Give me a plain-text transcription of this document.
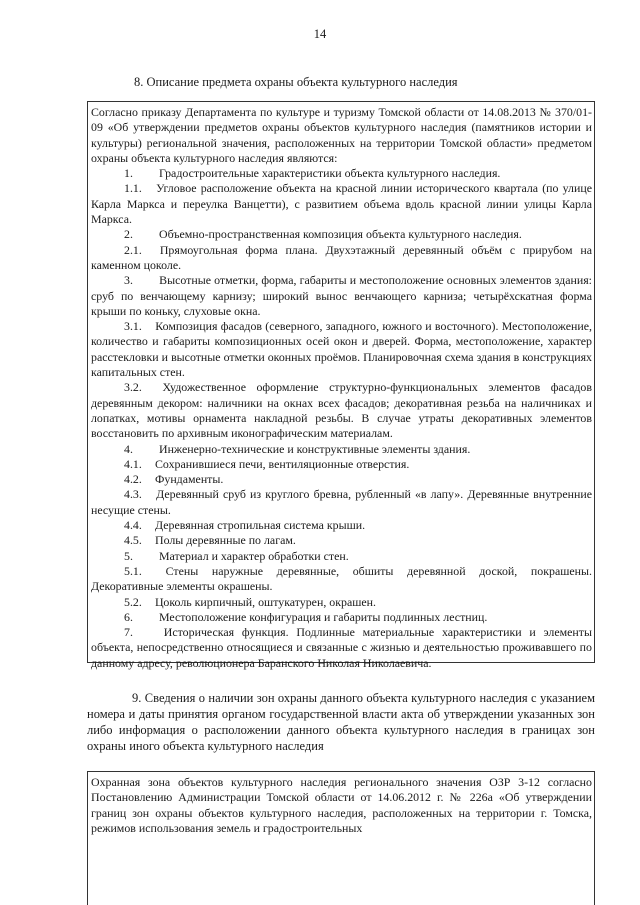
14
8. Описание предмета охраны объекта культурного наследия

Согласно приказу Департамента по культуре и туризму Томской области от 14.08.2013 № 370/01-09 «Об утверждении предметов охраны объектов культурного наследия (памятников истории и культуры) региональной значения, расположенных на территории Томской области» предметом охраны объекта культурного наследия являются:

1. Градостроительные характеристики объекта культурного наследия.

1.1. Угловое расположение объекта на красной линии исторического квартала (по улице Карла Маркса и переулка Ванцетти), с развитием объема вдоль красной линии улицы Карла Маркса.

2. Объемно-пространственная композиция объекта культурного наследия.

2.1. Прямоугольная форма плана. Двухэтажный деревянный объём с прирубом на каменном цоколе.

3. Высотные отметки, форма, габариты и местоположение основных элементов здания: сруб по венчающему карнизу; широкий вынос венчающего карниза; четырёхскатная форма крыши по коньку, слуховые окна.

3.1. Композиция фасадов (северного, западного, южного и восточного). Местоположение, количество и габариты композиционных осей окон и дверей. Форма, местоположение, характер расстекловки и высотные отметки оконных проёмов. Планировочная схема здания в конструкциях капитальных стен.

3.2. Художественное оформление структурно-функциональных элементов фасадов деревянным декором: наличники на окнах всех фасадов; декоративная резьба на наличниках и лопатках, мотивы орнамента накладной резьбы. В случае утраты декоративных элементов восстановить по архивным иконографическим материалам.

4. Инженерно-технические и конструктивные элементы здания.

4.1. Сохранившиеся печи, вентиляционные отверстия.

4.2. Фундаменты.

4.3. Деревянный сруб из круглого бревна, рубленный «в лапу». Деревянные внутренние несущие стены.

4.4. Деревянная стропильная система крыши.

4.5. Полы деревянные по лагам.

5. Материал и характер обработки стен.

5.1. Стены наружные деревянные, обшиты деревянной доской, покрашены. Декоративные элементы окрашены.

5.2. Цоколь кирпичный, оштукатурен, окрашен.

6. Местоположение конфигурация и габариты подлинных лестниц.

7.	Историческая функция. Подлинные материальные характеристики и элементы объекта, непосредственно относящиеся и связанные с жизнью и деятельностью проживавшего по данному адресу, революционера Баранского Николая Николаевича.

9. Сведения о наличии зон охраны данного объекта культурного наследия с указанием номера и даты принятия органом государственной власти акта об утверждении указанных зон либо информация о расположении данного объекта культурного наследия в границах зон охраны иного объекта культурного наследия

Охранная зона объектов культурного наследия регионального значения ОЗР 3-12 согласно Постановлению Администрации Томской области от 14.06.2012 г. № 226а «Об утверждении границ зон охраны объектов культурного наследия, расположенных на территории г. Томска, режимов использования земель и градостроительных
